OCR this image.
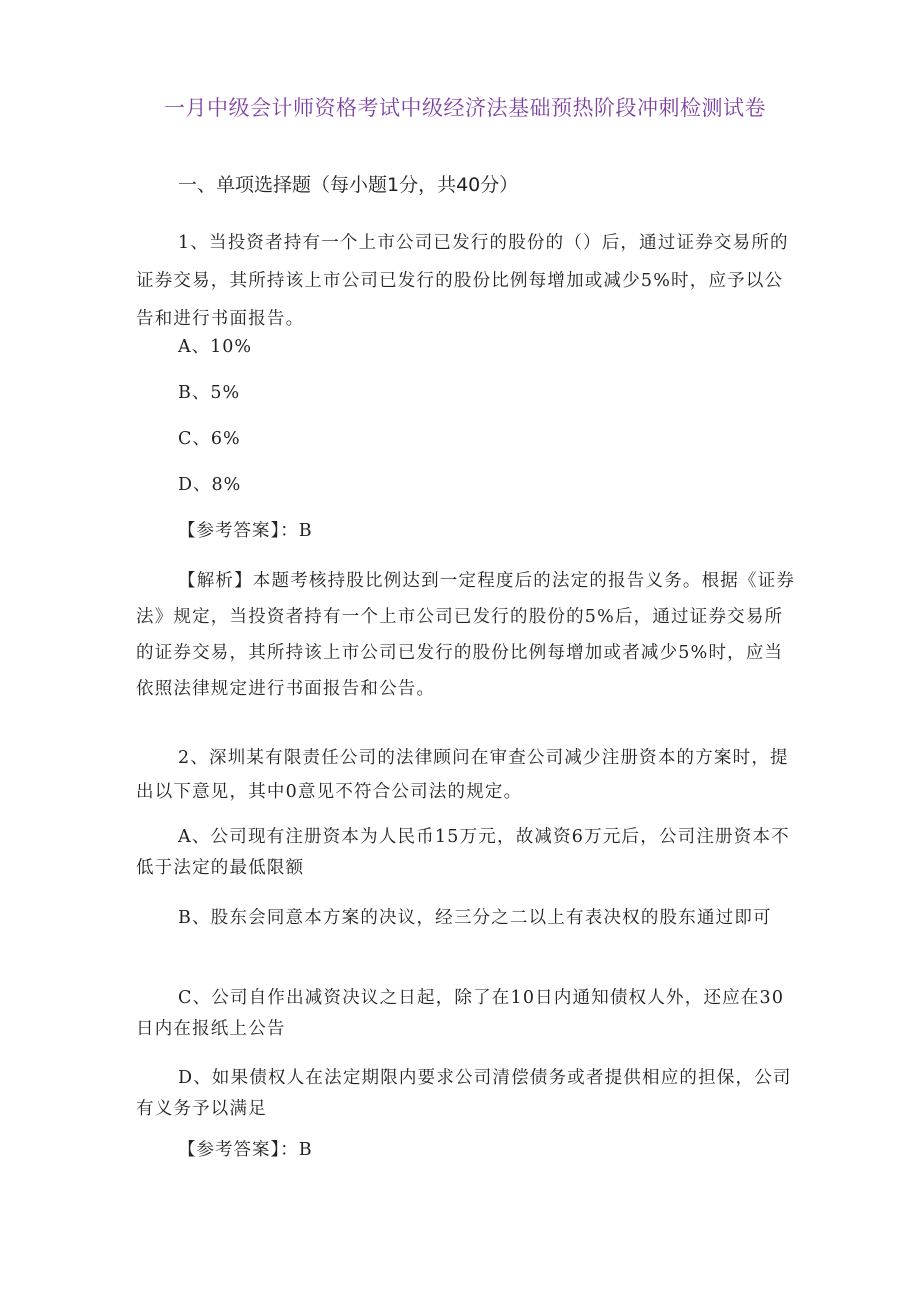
一月中级会计师资格考试中级经济法基础预热阶段冲刺检测试卷
一、单项选择题（每小题1分，共40分）

1、当投资者持有一个上市公司已发行的股份的（）后，通过证券交易所的证券交易，其所持该上市公司已发行的股份比例每增加或减少5%时，应予以公告和进行书面报告。

A、10%

B、5%

C、6%

D、8%

【参考答案】：B

【解析】本题考核持股比例达到一定程度后的法定的报告义务。根据《证券法》规定，当投资者持有一个上市公司已发行的股份的5%后，通过证券交易所的证券交易，其所持该上市公司已发行的股份比例每增加或者减少5%时，应当依照法律规定进行书面报告和公告。

2、深圳某有限责任公司的法律顾问在审查公司减少注册资本的方案时，提出以下意见，其中0意见不符合公司法的规定。

A、公司现有注册资本为人民币15万元，故减资6万元后，公司注册资本不低于法定的最低限额

B、股东会同意本方案的决议，经三分之二以上有表决权的股东通过即可

C、公司自作出减资决议之日起，除了在10日内通知债权人外，还应在30日内在报纸上公告

D、如果债权人在法定期限内要求公司清偿债务或者提供相应的担保，公司有义务予以满足

【参考答案】：B
